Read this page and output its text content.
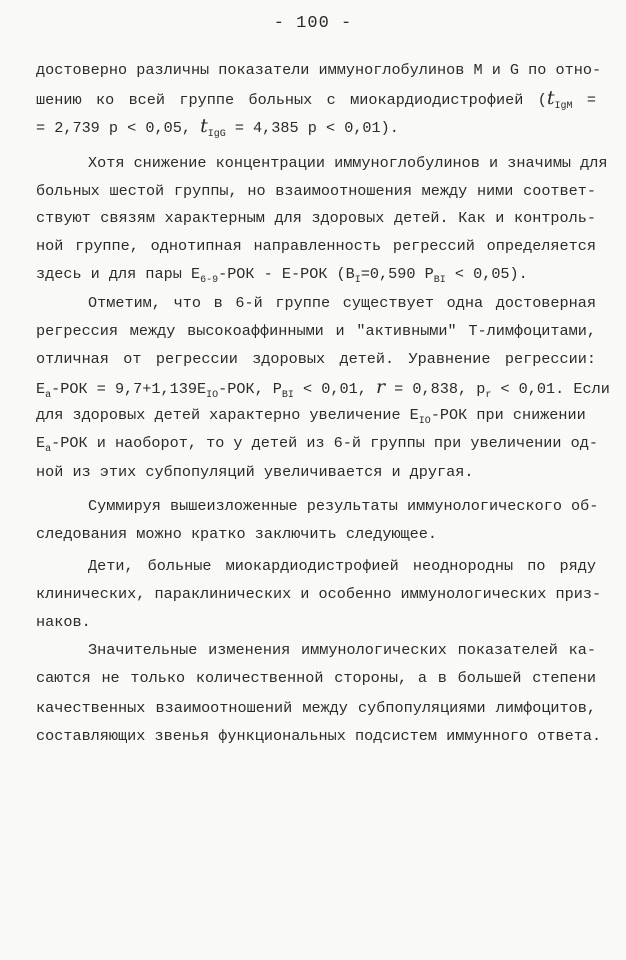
- 100 -
достоверно различны показатели иммуноглобулинов M и G по отно-
шению ко всей группе больных с миокардиодистрофией ($t_{IgM}$ =
= 2,739 p < 0,05, $t_{IgG} = 4,385$ p < 0,01).
Хотя снижение концентрации иммуноглобулинов и значимы для
больных шестой группы, но взаимоотношения между ними соответ-
ствуют связям характерным для здоровых детей. Как и контроль-
ной группе, однотипная направленность регрессий определяется
здесь и для пары $E_{6-9}$-РОК - Е-РОК ($B_I=0,590$ $P_{BI} < 0,05$).
Отметим, что в 6-й группе существует одна достоверная
регрессия между высокоаффинными и "активными" Т-лимфоцитами,
отличная от регрессии здоровых детей. Уравнение регрессии:
$E_a$-РОК = $9,7+1,139E_{IO}$-РОК, $P_{BI} < 0,01$, r = 0,838, $p_r < 0,01$. Если
для здоровых детей характерно увеличение $E_{IO}$-РОК при снижении
$E_a$-РОК и наоборот, то у детей из 6-й группы при увеличении од-
ной из этих субпопуляций увеличивается и другая.
Суммируя вышеизложенные результаты иммунологического об-
следования можно кратко заключить следующее.
Дети, больные миокардиодистрофией неоднородны по ряду
клинических, параклинических и особенно иммунологических приз-
наков.
Значительные изменения иммунологических показателей ка-
саются не только количественной стороны, а в большей степени
качественных взаимоотношений между субпопуляциями лимфоцитов,
составляющих звенья функциональных подсистем иммунного ответа.
